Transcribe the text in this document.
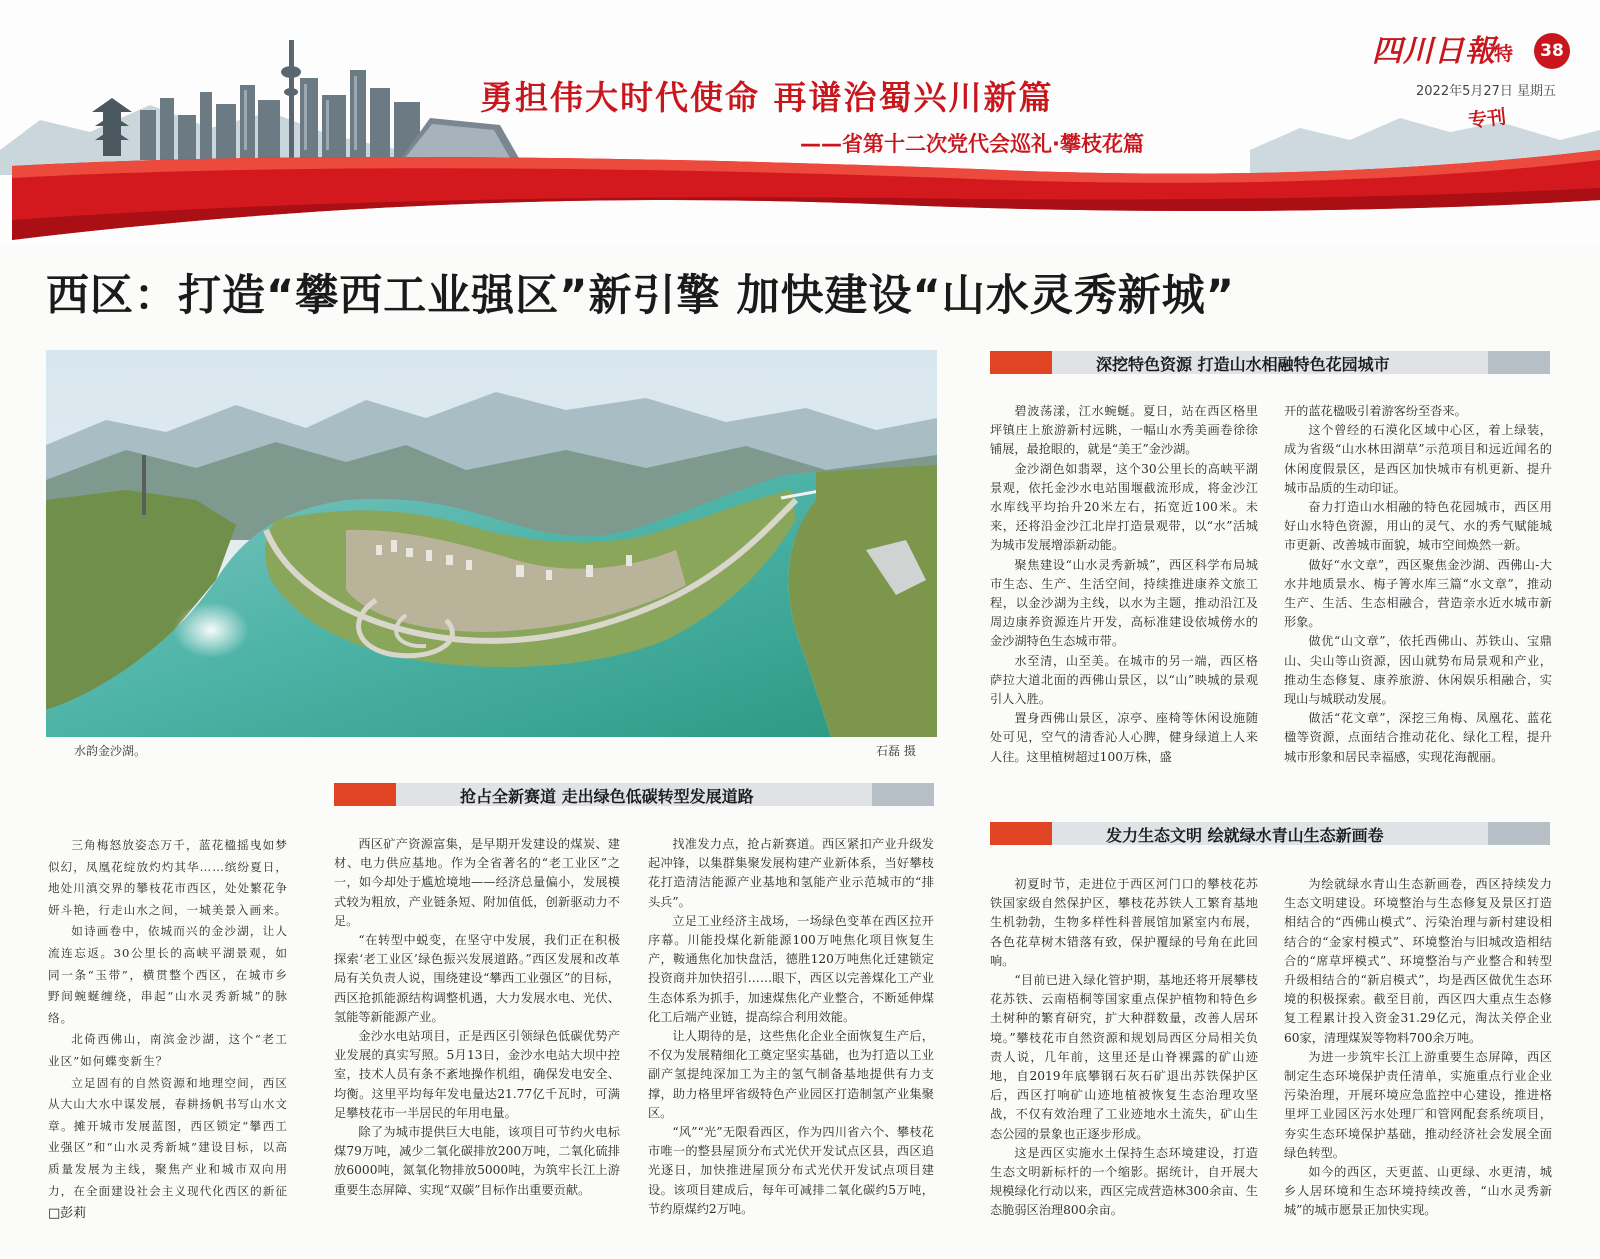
勇担伟大时代使命 再谱治蜀兴川新篇
——省第十二次党代会巡礼·攀枝花篇
四川日報
特	38
2022年5月27日 星期五
专刊
西区：打造“攀西工业强区”新引擎 加快建设“山水灵秀新城”
水韵金沙湖。	石磊 摄
抢占全新赛道 走出绿色低碳转型发展道路
深挖特色资源 打造山水相融特色花园城市
发力生态文明 绘就绿水青山生态新画卷

三角梅怒放姿态万千，蓝花楹摇曳如梦似幻，凤凰花绽放灼灼其华……缤纷夏日，地处川滇交界的攀枝花市西区，处处繁花争妍斗艳，行走山水之间，一城美景入画来。

如诗画卷中，依城而兴的金沙湖，让人流连忘返。30公里长的高峡平湖景观，如同一条“玉带”，横贯整个西区，在城市乡野间蜿蜒缠绕，串起“山水灵秀新城”的脉络。

北倚西佛山，南滨金沙湖，这个“老工业区”如何蝶变新生？

立足固有的自然资源和地理空间，西区从大山大水中谋发展，春耕扬帆书写山水文章。摊开城市发展蓝图，西区锁定“攀西工业强区”和“山水灵秀新城”建设目标，以高质量发展为主线，聚焦产业和城市双向用力，在全面建设社会主义现代化西区的新征

□彭莉

西区矿产资源富集，是早期开发建设的煤炭、建材、电力供应基地。作为全省著名的“老工业区”之一，如今却处于尴尬境地——经济总量偏小，发展模式较为粗放，产业链条短、附加值低，创新驱动力不足。

“在转型中蜕变，在坚守中发展，我们正在积极探索‘老工业区’绿色振兴发展道路。”西区发展和改革局有关负责人说，围绕建设“攀西工业强区”的目标，西区抢抓能源结构调整机遇，大力发展水电、光伏、氢能等新能源产业。

金沙水电站项目，正是西区引领绿色低碳优势产业发展的真实写照。5月13日，金沙水电站大坝中控室，技术人员有条不紊地操作机组，确保发电安全、均衡。这里平均每年发电量达21.77亿千瓦时，可满足攀枝花市一半居民的年用电量。

除了为城市提供巨大电能，该项目可节约火电标煤79万吨，减少二氧化碳排放200万吨，二氧化硫排放6000吨，氮氧化物排放5000吨，为筑牢长江上游重要生态屏障、实现“双碳”目标作出重要贡献。

找准发力点，抢占新赛道。西区紧扣产业升级发起冲锋，以集群集聚发展构建产业新体系，当好攀枝花打造清洁能源产业基地和氢能产业示范城市的“排头兵”。

立足工业经济主战场，一场绿色变革在西区拉开序幕。川能投煤化新能源100万吨焦化项目恢复生产，鞍通焦化加快盘活，德胜120万吨焦化迁建锁定投资商并加快招引……眼下，西区以完善煤化工产业生态体系为抓手，加速煤焦化产业整合，不断延伸煤化工后端产业链，提高综合利用效能。

让人期待的是，这些焦化企业全面恢复生产后，不仅为发展精细化工奠定坚实基础，也为打造以工业副产氢提纯深加工为主的氢气制备基地提供有力支撑，助力格里坪省级特色产业园区打造制氢产业集聚区。

“风”“光”无限看西区，作为四川省六个、攀枝花市唯一的整县屋顶分布式光伏开发试点区县，西区追光逐日，加快推进屋顶分布式光伏开发试点项目建设。该项目建成后，每年可减排二氧化碳约5万吨，节约原煤约2万吨。

碧波荡漾，江水蜿蜒。夏日，站在西区格里坪镇庄上旅游新村远眺，一幅山水秀美画卷徐徐铺展，最抢眼的，就是“美王”金沙湖。

金沙湖色如翡翠，这个30公里长的高峡平湖景观，依托金沙水电站围堰截流形成，将金沙江水库线平均抬升20米左右，拓宽近100米。未来，还将沿金沙江北岸打造景观带，以“水”活城为城市发展增添新动能。

聚焦建设“山水灵秀新城”，西区科学布局城市生态、生产、生活空间，持续推进康养文旅工程，以金沙湖为主线，以水为主题，推动沿江及周边康养资源连片开发，高标准建设依城傍水的金沙湖特色生态城市带。

水至清，山至美。在城市的另一端，西区格萨拉大道北面的西佛山景区，以“山”映城的景观引人入胜。

置身西佛山景区，凉亭、座椅等休闲设施随处可见，空气的清香沁人心脾，健身绿道上人来人往。这里植树超过100万株，盛

开的蓝花楹吸引着游客纷至沓来。

这个曾经的石漠化区域中心区，着上绿装，成为省级“山水林田湖草”示范项目和远近闻名的休闲度假景区，是西区加快城市有机更新、提升城市品质的生动印证。

奋力打造山水相融的特色花园城市，西区用好山水特色资源，用山的灵气、水的秀气赋能城市更新、改善城市面貌，城市空间焕然一新。

做好“水文章”，西区聚焦金沙湖、西佛山-大水井地质景水、梅子箐水库三篇“水文章”，推动生产、生活、生态相融合，营造亲水近水城市新形象。

做优“山文章”，依托西佛山、苏铁山、宝鼎山、尖山等山资源，因山就势布局景观和产业，推动生态修复、康养旅游、休闲娱乐相融合，实现山与城联动发展。

做活“花文章”，深挖三角梅、凤凰花、蓝花楹等资源，点面结合推动花化、绿化工程，提升城市形象和居民幸福感，实现花海靓丽。

初夏时节，走进位于西区河门口的攀枝花苏铁国家级自然保护区，攀枝花苏铁人工繁育基地生机勃勃，生物多样性科普展馆加紧室内布展，各色花草树木错落有致，保护覆绿的号角在此回响。

“目前已进入绿化管护期，基地还将开展攀枝花苏铁、云南梧桐等国家重点保护植物和特色乡土树种的繁育研究，扩大种群数量，改善人居环境。”攀枝花市自然资源和规划局西区分局相关负责人说，几年前，这里还是山脊裸露的矿山迹地，自2019年底攀钢石灰石矿退出苏铁保护区后，西区打响矿山迹地植被恢复生态治理攻坚战，不仅有效治理了工业迹地水土流失，矿山生态公园的景象也正逐步形成。

这是西区实施水土保持生态环境建设，打造生态文明新标杆的一个缩影。据统计，自开展大规模绿化行动以来，西区完成营造林300余亩、生态脆弱区治理800余亩。

为绘就绿水青山生态新画卷，西区持续发力生态文明建设。环境整治与生态修复及景区打造相结合的“西佛山模式”、污染治理与新村建设相结合的“金家村模式”、环境整治与旧城改造相结合的“席草坪模式”、环境整治与产业整合和转型升级相结合的“新启模式”，均是西区做优生态环境的积极探索。截至目前，西区四大重点生态修复工程累计投入资金31.29亿元，淘汰关停企业60家，清理煤炭等物料700余万吨。

为进一步筑牢长江上游重要生态屏障，西区制定生态环境保护责任清单，实施重点行业企业污染治理，开展环境应急监控中心建设，推进格里坪工业园区污水处理厂和管网配套系统项目，夯实生态环境保护基础，推动经济社会发展全面绿色转型。

如今的西区，天更蓝、山更绿、水更清，城乡人居环境和生态环境持续改善，“山水灵秀新城”的城市愿景正加快实现。
